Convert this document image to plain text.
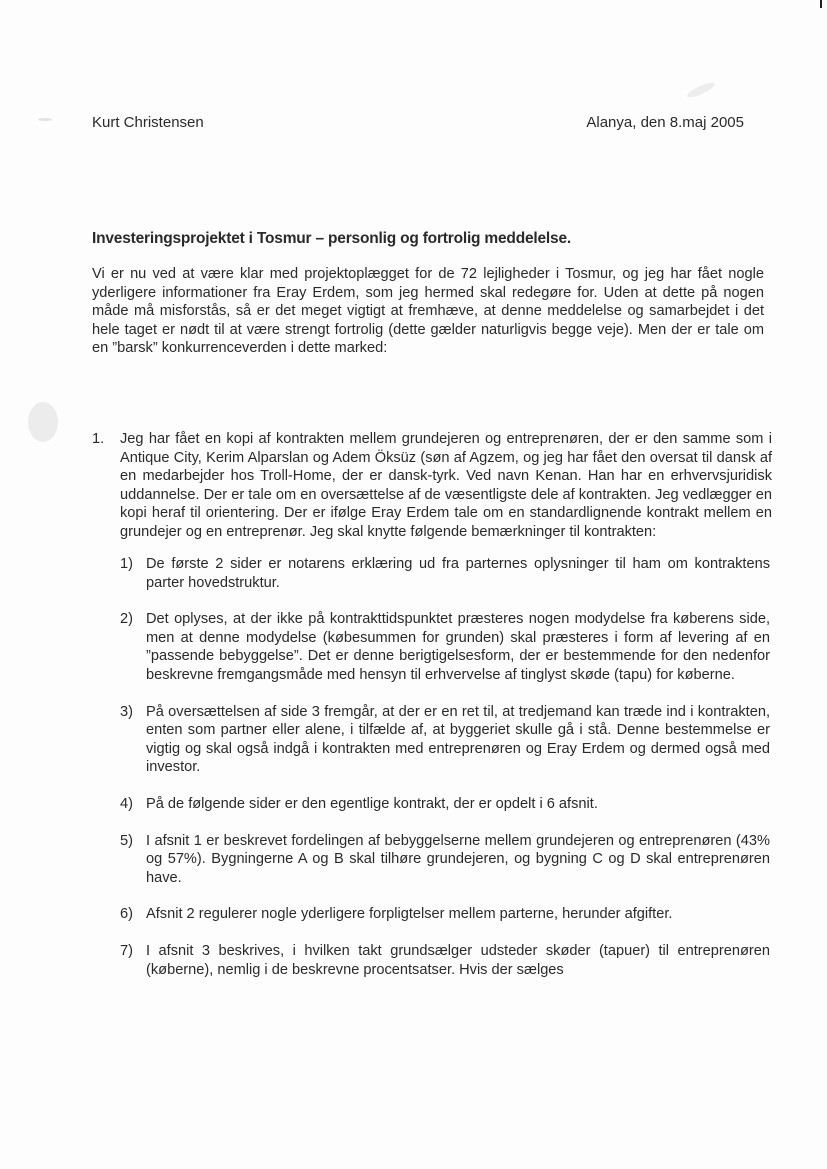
Kurt Christensen	Alanya, den 8.maj 2005
Investeringsprojektet i Tosmur – personlig og fortrolig meddelelse.
Vi er nu ved at være klar med projektoplægget for de 72 lejligheder i Tosmur, og jeg har fået nogle yderligere informationer fra Eray Erdem, som jeg hermed skal redegøre for. Uden at dette på nogen måde må misforstås, så er det meget vigtigt at fremhæve, at denne meddelelse og samarbejdet i det hele taget er nødt til at være strengt fortrolig (dette gælder naturligvis begge veje). Men der er tale om en ”barsk” konkurrenceverden i dette marked:
1. Jeg har fået en kopi af kontrakten mellem grundejeren og entreprenøren, der er den samme som i Antique City, Kerim Alparslan og Adem Öksüz (søn af Agzem, og jeg har fået den oversat til dansk af en medarbejder hos Troll-Home, der er dansk-tyrk. Ved navn Kenan. Han har en erhvervsjuridisk uddannelse. Der er tale om en oversættelse af de væsentligste dele af kontrakten. Jeg vedlægger en kopi heraf til orientering. Der er ifølge Eray Erdem tale om en standardlignende kontrakt mellem en grundejer og en entreprenør. Jeg skal knytte følgende bemærkninger til kontrakten:
1) De første 2 sider er notarens erklæring ud fra parternes oplysninger til ham om kontraktens parter hovedstruktur.
2) Det oplyses, at der ikke på kontrakttidspunktet præsteres nogen modydelse fra køberens side, men at denne modydelse (købesummen for grunden) skal præsteres i form af levering af en ”passende bebyggelse”. Det er denne berigtigelsesform, der er bestemmende for den nedenfor beskrevne fremgangsmåde med hensyn til erhvervelse af tinglyst skøde (tapu) for køberne.
3) På oversættelsen af side 3 fremgår, at der er en ret til, at tredjemand kan træde ind i kontrakten, enten som partner eller alene, i tilfælde af, at byggeriet skulle gå i stå. Denne bestemmelse er vigtig og skal også indgå i kontrakten med entreprenøren og Eray Erdem og dermed også med investor.
4) På de følgende sider er den egentlige kontrakt, der er opdelt i 6 afsnit.
5) I afsnit 1 er beskrevet fordelingen af bebyggelserne mellem grundejeren og entreprenøren (43% og 57%). Bygningerne A og B skal tilhøre grundejeren, og bygning C og D skal entreprenøren have.
6) Afsnit 2 regulerer nogle yderligere forpligtelser mellem parterne, herunder afgifter.
7) I afsnit 3 beskrives, i hvilken takt grundsælger udsteder skøder (tapuer) til entreprenøren (køberne), nemlig i de beskrevne procentsatser. Hvis der sælges
